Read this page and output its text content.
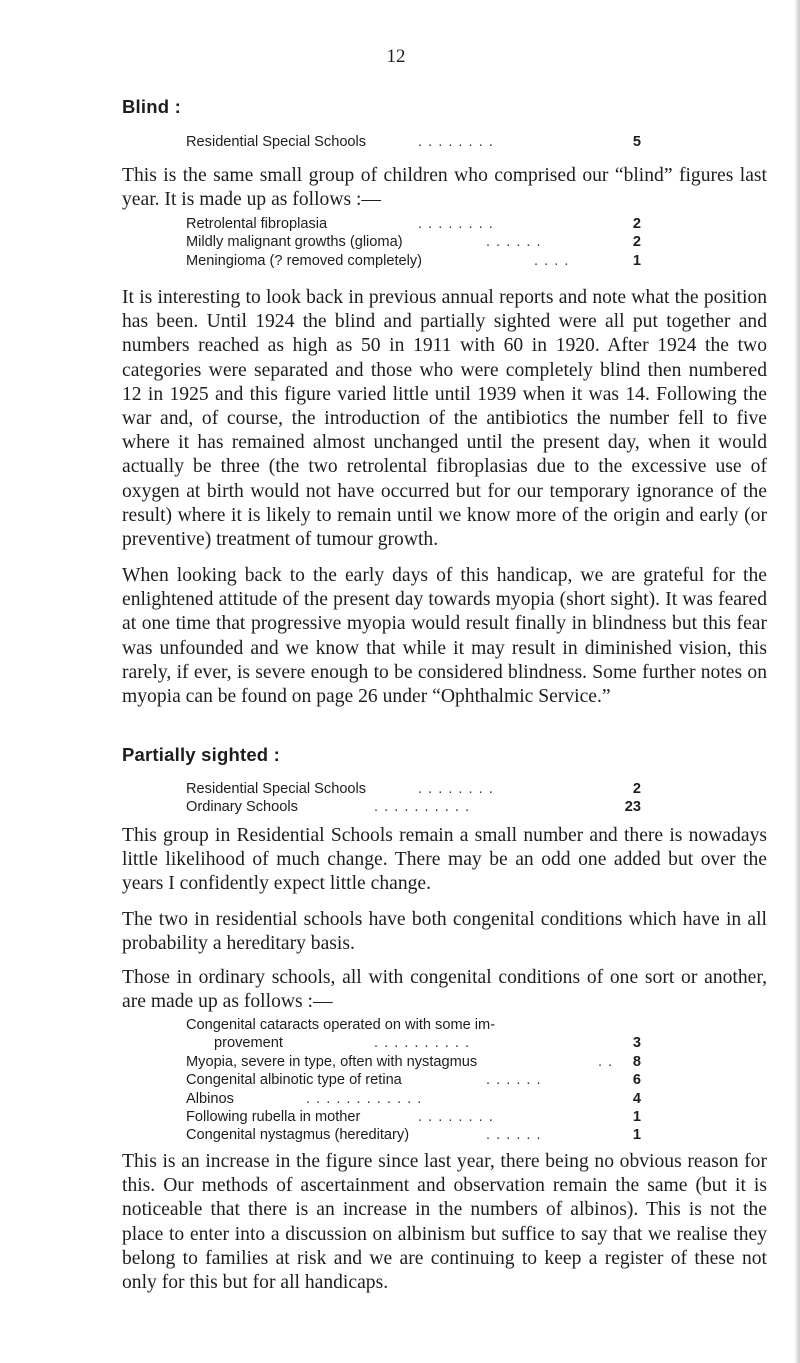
12
Blind :
Residential Special Schools	. . . . . . . .	5

This is the same small group of children who comprised our “blind” figures last year. It is made up as follows :—

Retrolental fibroplasia	. . . . . . . .	2
Mildly malignant growths (glioma)	. . . . . .	2
Meningioma (? removed completely)	. . . .	1

It is interesting to look back in previous annual reports and note what the position has been. Until 1924 the blind and partially sighted were all put together and numbers reached as high as 50 in 1911 with 60 in 1920. After 1924 the two categories were separated and those who were completely blind then numbered 12 in 1925 and this figure varied little until 1939 when it was 14. Following the war and, of course, the introduction of the antibiotics the number fell to five where it has remained almost unchanged until the present day, when it would actually be three (the two retrolental fibroplasias due to the excessive use of oxygen at birth would not have occurred but for our temporary ignorance of the result) where it is likely to remain until we know more of the origin and early (or preventive) treatment of tumour growth.

When looking back to the early days of this handicap, we are grateful for the enlightened attitude of the present day towards myopia (short sight). It was feared at one time that progressive myopia would result finally in blindness but this fear was unfounded and we know that while it may result in diminished vision, this rarely, if ever, is severe enough to be considered blindness. Some further notes on myopia can be found on page 26 under “Ophthalmic Service.”

Partially sighted :
Residential Special Schools	. . . . . . . .	2
Ordinary Schools	. . . . . . . . . .	23

This group in Residential Schools remain a small number and there is nowadays little likelihood of much change. There may be an odd one added but over the years I confidently expect little change.

The two in residential schools have both congenital conditions which have in all probability a hereditary basis.

Those in ordinary schools, all with congenital conditions of one sort or another, are made up as follows :—

Congenital cataracts operated on with some im-
provement	. . . . . . . . . .	3
Myopia, severe in type, often with nystagmus	. . 8
Congenital albinotic type of retina	. . . . . .	6
Albinos	. . . . . . . . . . . .	4
Following rubella in mother	. . . . . . . .	1
Congenital nystagmus (hereditary)	. . . . . .	1

This is an increase in the figure since last year, there being no obvious reason for this. Our methods of ascertainment and observation remain the same (but it is noticeable that there is an increase in the numbers of albinos). This is not the place to enter into a discussion on albinism but suffice to say that we realise they belong to families at risk and we are continuing to keep a register of these not only for this but for all handicaps.
